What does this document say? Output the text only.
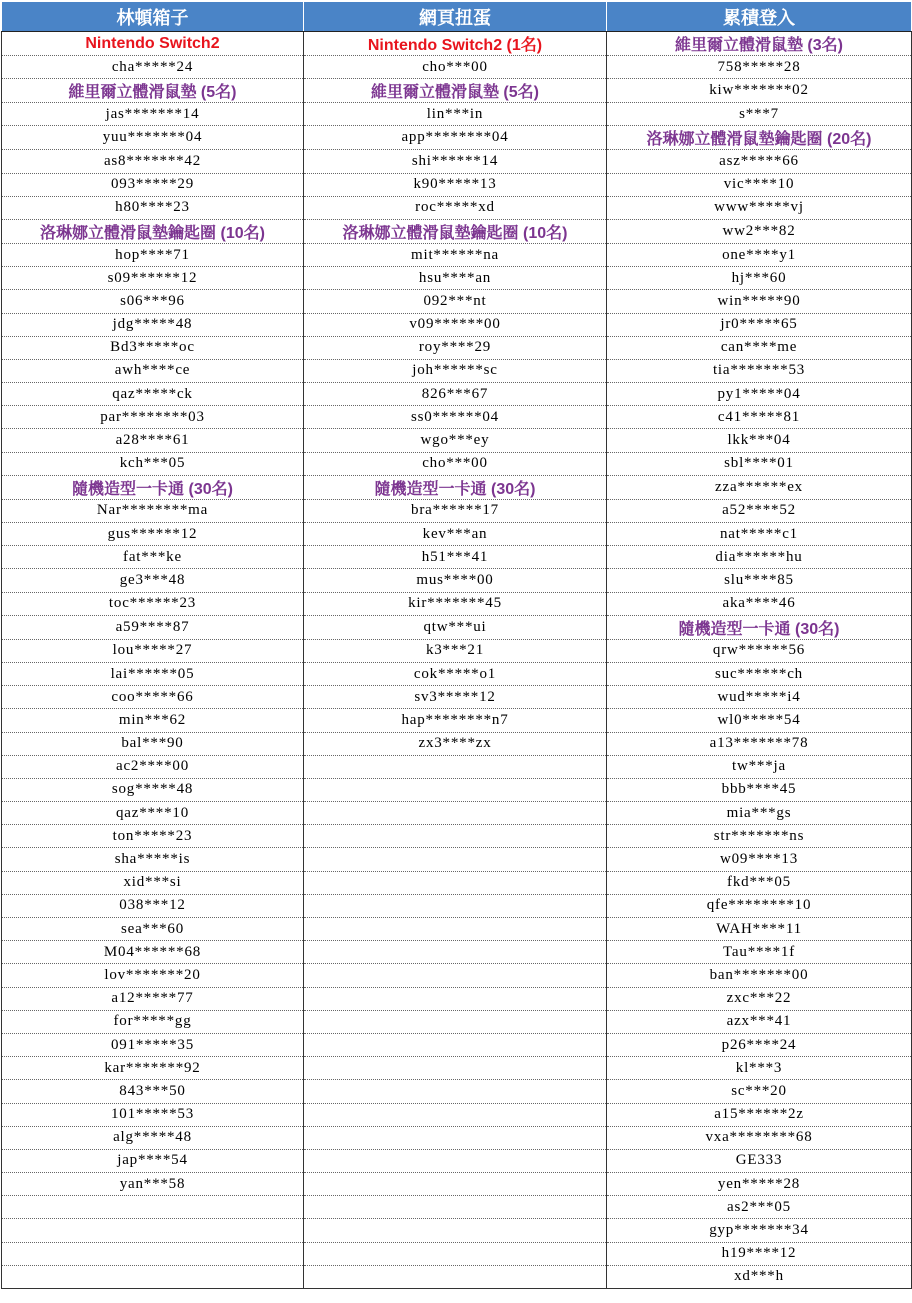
林頓箱子	網頁扭蛋	累積登入
Nintendo Switch2	Nintendo Switch2 (1名)	維里爾立體滑鼠墊 (3名)
cha*****24	cho***00	758*****28
維里爾立體滑鼠墊 (5名)	維里爾立體滑鼠墊 (5名)	kiw*******02
jas*******14	lin***in	s***7
yuu*******04	app********04	洛琳娜立體滑鼠墊鑰匙圈 (20名)
as8*******42	shi******14	asz*****66
093*****29	k90*****13	vic****10
h80****23	roc*****xd	www*****vj
洛琳娜立體滑鼠墊鑰匙圈 (10名)	洛琳娜立體滑鼠墊鑰匙圈 (10名)	ww2***82
hop****71	mit******na	one****y1
s09******12	hsu****an	hj***60
s06***96	092***nt	win*****90
jdg*****48	v09******00	jr0*****65
Bd3*****oc	roy****29	can****me
awh****ce	joh******sc	tia*******53
qaz*****ck	826***67	py1*****04
par********03	ss0******04	c41*****81
a28****61	wgo***ey	lkk***04
kch***05	cho***00	sbl****01
隨機造型一卡通 (30名)	隨機造型一卡通 (30名)	zza******ex
Nar********ma	bra******17	a52****52
gus******12	kev***an	nat*****c1
fat***ke	h51***41	dia******hu
ge3***48	mus****00	slu****85
toc******23	kir*******45	aka****46
a59****87	qtw***ui	隨機造型一卡通 (30名)
lou*****27	k3***21	qrw******56
lai******05	cok*****o1	suc******ch
coo*****66	sv3*****12	wud*****i4
min***62	hap********n7	wl0*****54
bal***90	zx3****zx	a13*******78
ac2****00		tw***ja
sog*****48		bbb****45
qaz****10		mia***gs
ton*****23		str*******ns
sha*****is		w09****13
xid***si		fkd***05
038***12		qfe********10
sea***60		WAH****11
M04******68		Tau****1f
lov*******20		ban*******00
a12*****77		zxc***22
for*****gg		azx***41
091*****35		p26****24
kar*******92		kl***3
843***50		sc***20
101*****53		a15******2z
alg*****48		vxa********68
jap****54		GE333
yan***58		yen*****28
		as2***05
		gyp*******34
		h19****12
		xd***h
